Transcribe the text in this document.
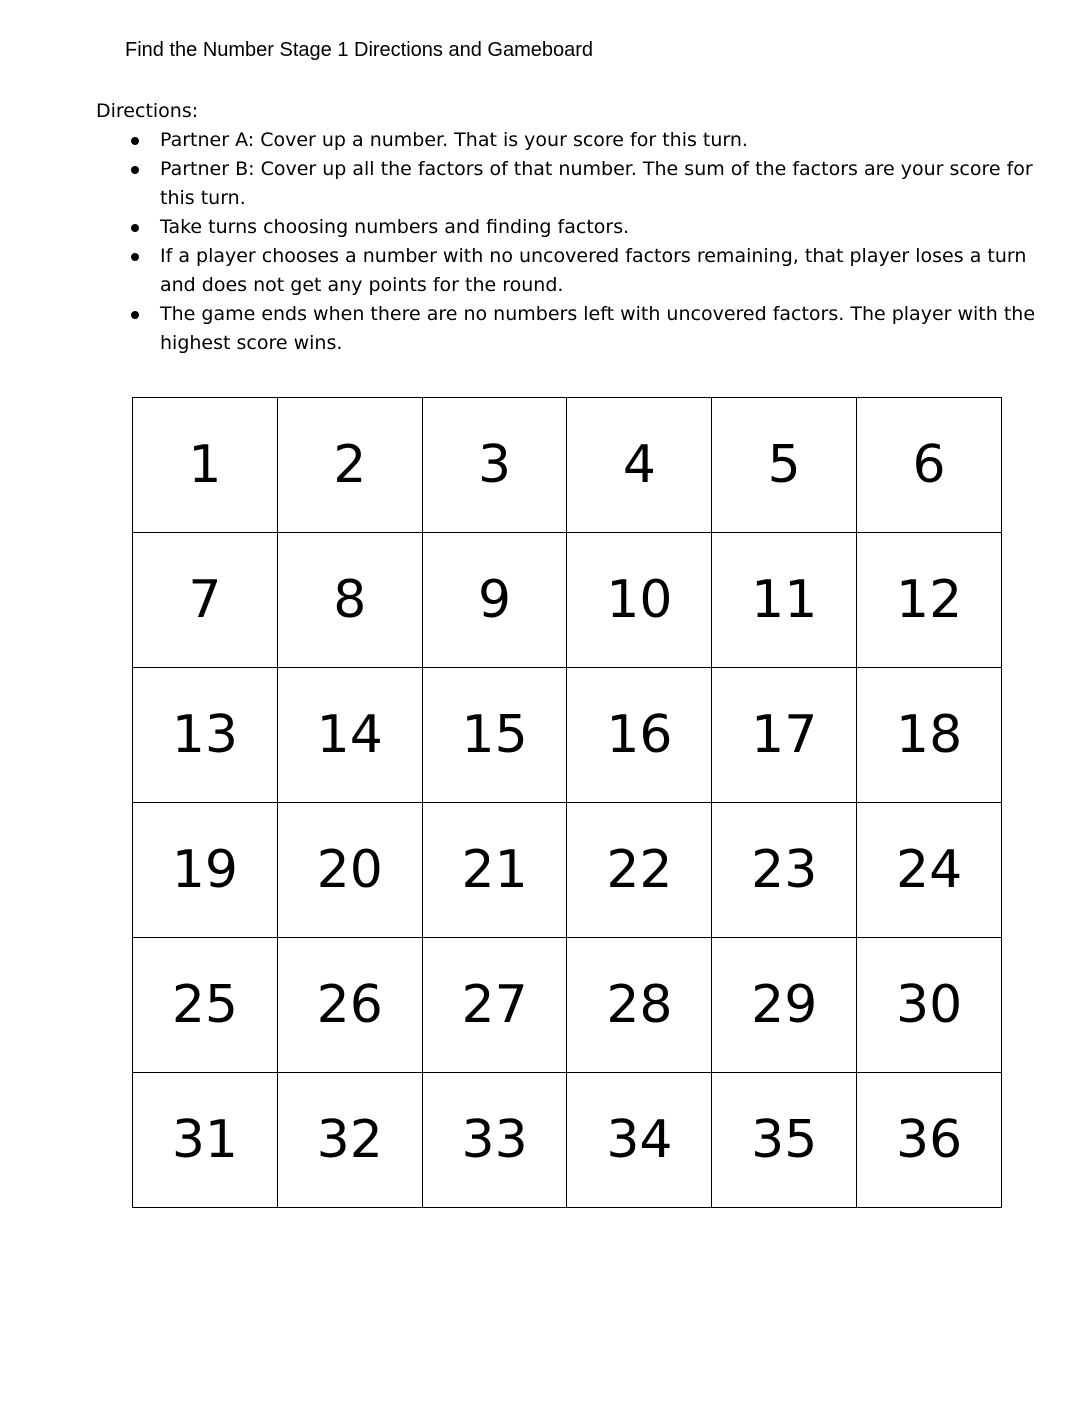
Find the Number Stage 1 Directions and Gameboard
Directions:
Partner A: Cover up a number. That is your score for this turn.
Partner B: Cover up all the factors of that number. The sum of the factors are your score for this turn.
Take turns choosing numbers and finding factors.
If a player chooses a number with no uncovered factors remaining, that player loses a turn and does not get any points for the round.
The game ends when there are no numbers left with uncovered factors. The player with the highest score wins.
1	2	3	4	5	6
7	8	9	10	11	12
13	14	15	16	17	18
19	20	21	22	23	24
25	26	27	28	29	30
31	32	33	34	35	36
